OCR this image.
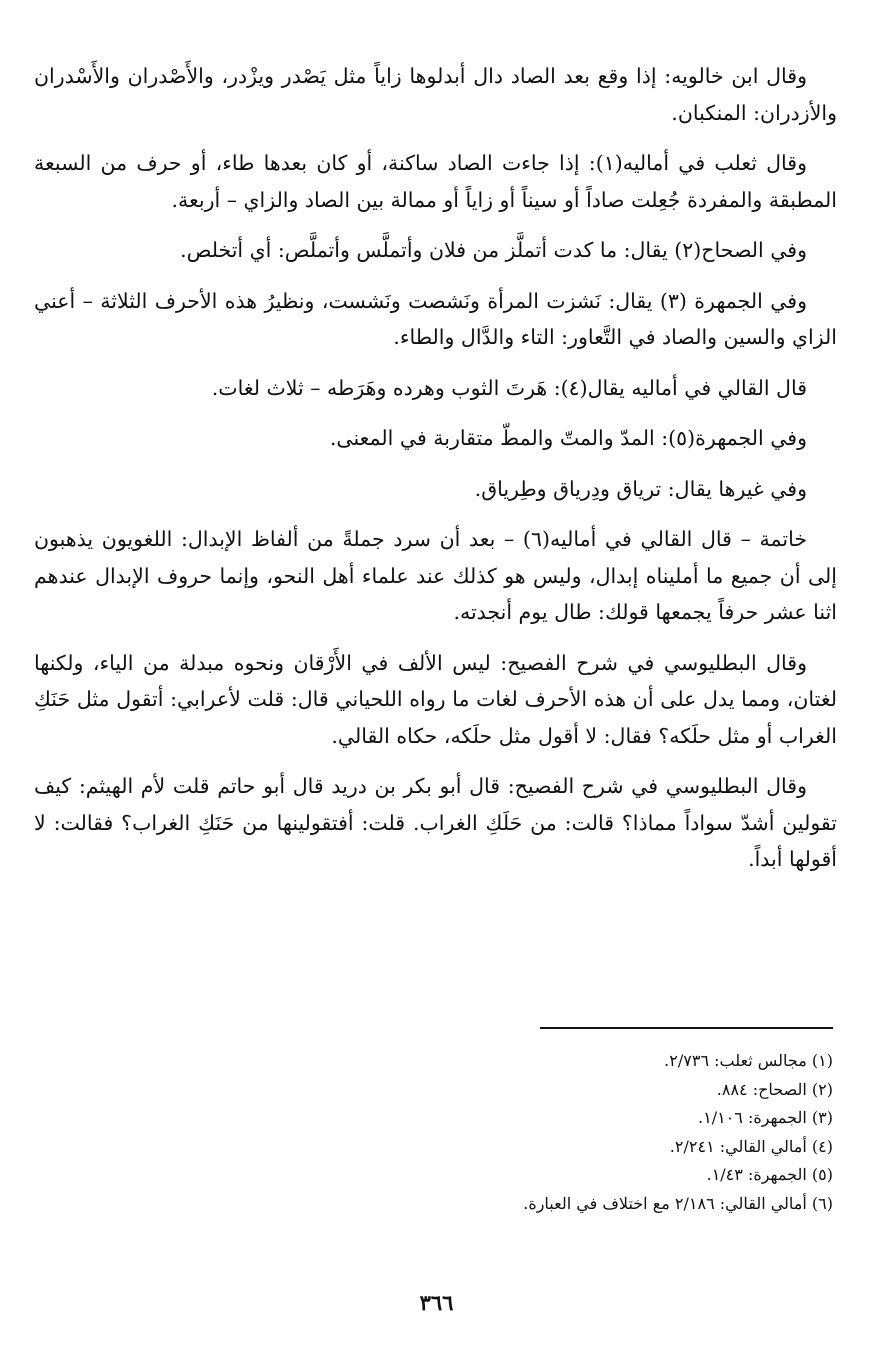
وقال ابن خالويه: إذا وقع بعد الصاد دال أبدلوها زاياً مثل يَصْدر ويزْدر، والأَصْدران والأَسْدران والأزدران: المنكبان.

وقال ثعلب في أماليه(١): إذا جاءت الصاد ساكنة، أو كان بعدها طاء، أو حرف من السبعة المطبقة والمفردة جُعِلت صاداً أو سيناً أو زاياً أو ممالة بين الصاد والزاي – أربعة.

وفي الصحاح(٢) يقال: ما كدت أتملَّز من فلان وأتملَّس وأتملَّص: أي أتخلص.

وفي الجمهرة (٣) يقال: نَشزت المرأة ونَشصت ونَشست، ونظيرُ هذه الأحرف الثلاثة – أعني الزاي والسين والصاد في التَّعاور: التاء والدَّال والطاء.

قال القالي في أماليه يقال(٤): هَرتَ الثوب وهرده وهَرَطه – ثلاث لغات.

وفي الجمهرة(٥): المدّ والمتّ والمطّ متقاربة في المعنى.

وفي غيرها يقال: ترياق ودِرياق وطِرياق.

خاتمة – قال القالي في أماليه(٦) – بعد أن سرد جملةً من ألفاظ الإبدال: اللغويون يذهبون إلى أن جميع ما أمليناه إبدال، وليس هو كذلك عند علماء أهل النحو، وإنما حروف الإبدال عندهم اثنا عشر حرفاً يجمعها قولك: طال يوم أنجدته.

وقال البطليوسي في شرح الفصيح: ليس الألف في الأَرْقان ونحوه مبدلة من الياء، ولكنها لغتان، ومما يدل على أن هذه الأحرف لغات ما رواه اللحياني قال: قلت لأعرابي: أتقول مثل حَنَكِ الغراب أو مثل حلَكه؟ فقال: لا أقول مثل حلَكه، حكاه القالي.

وقال البطليوسي في شرح الفصيح: قال أبو بكر بن دريد قال أبو حاتم قلت لأم الهيثم: كيف تقولين أشدّ سواداً مماذا؟ قالت: من حَلَكِ الغراب. قلت: أفتقولينها من حَنَكِ الغراب؟ فقالت: لا أقولها أبداً.

(١) مجالس ثعلب: ٢/٧٣٦.

(٢) الصحاح: ٨٨٤.

(٣) الجمهرة: ١/١٠٦.

(٤) أمالي القالي: ٢/٢٤١.

(٥) الجمهرة: ١/٤٣.

(٦) أمالي القالي: ٢/١٨٦ مع اختلاف في العبارة.

٣٦٦
